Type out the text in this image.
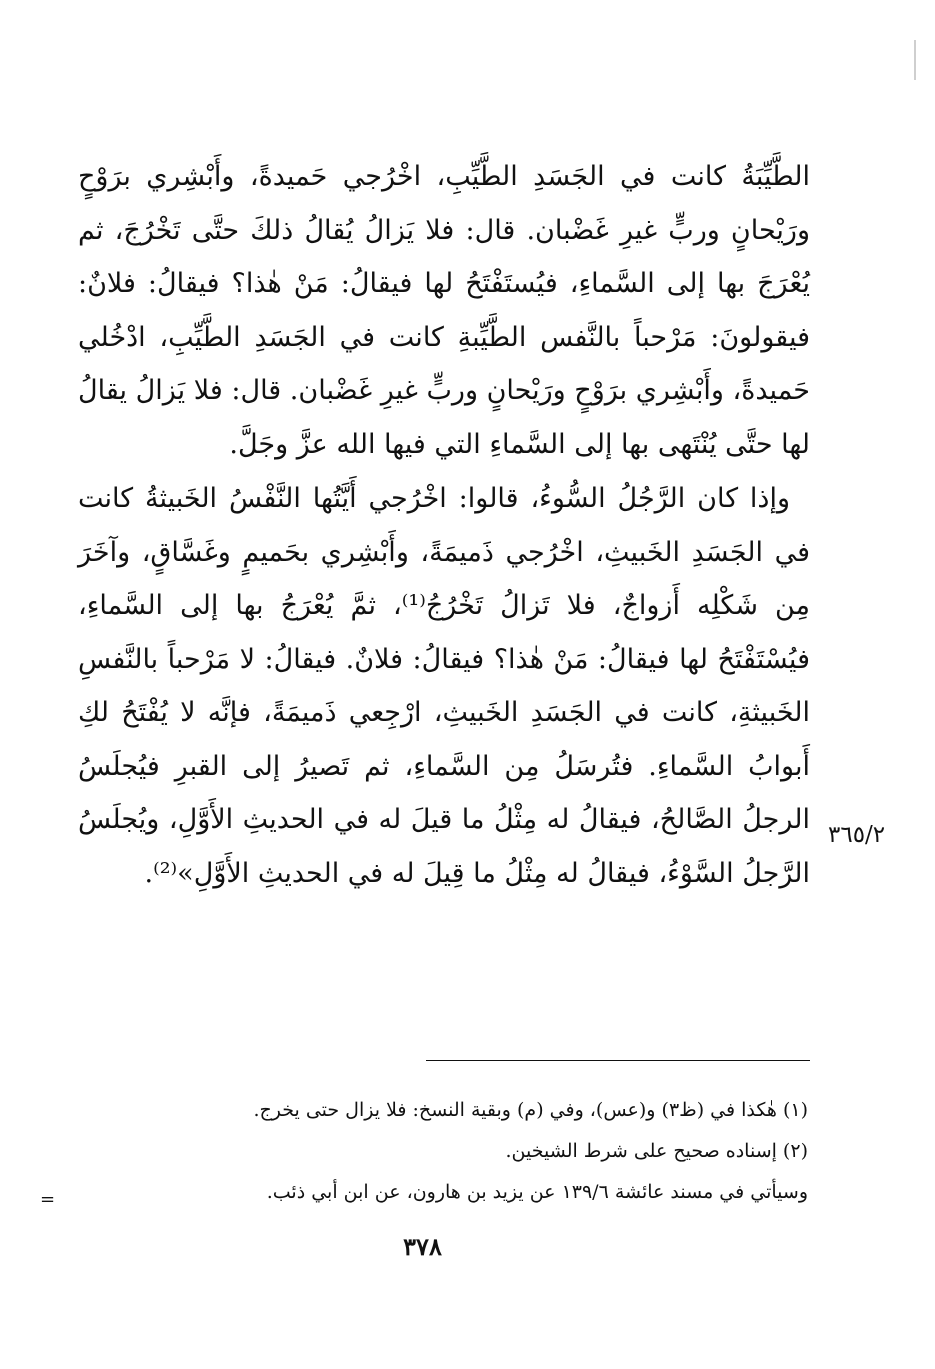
الطَّيِّبَةُ كانت في الجَسَدِ الطَّيِّبِ، اخْرُجي حَميدةً، وأَبْشِري برَوْحٍ ورَيْحانٍ وربٍّ غيرِ غَضْبان. قال: فلا يَزالُ يُقالُ ذلكَ حتَّى تَخْرُجَ، ثم يُعْرَجَ بها إلى السَّماءِ، فيُستَفْتَحُ لها فيقالُ: مَنْ هٰذا؟ فيقالُ: فلانٌ: فيقولونَ: مَرْحباً بالنَّفس الطَّيِّبةِ كانت في الجَسَدِ الطَّيِّبِ، ادْخُلي حَميدةً، وأَبْشِري برَوْحٍ ورَيْحانٍ وربٍّ غيرِ غَضْبان. قال: فلا يَزالُ يقالُ لها حتَّى يُنْتَهى بها إلى السَّماءِ التي فيها الله عزَّ وجَلَّ.

وإذا كان الرَّجُلُ السُّوءُ، قالوا: اخْرُجي أَيَّتُها النَّفْسُ الخَبيثةُ كانت في الجَسَدِ الخَبيثِ، اخْرُجي ذَميمَةً، وأَبْشِري بحَميمٍ وغَسَّاقٍ، وآخَرَ مِن شَكْلِه أَزواجٌ، فلا تَزالُ تَخْرُجُ⁽¹⁾، ثمَّ يُعْرَجُ بها إلى السَّماءِ، فيُسْتَفْتَحُ لها فيقالُ: مَنْ هٰذا؟ فيقالُ: فلانٌ. فيقالُ: لا مَرْحباً بالنَّفسِ الخَبيثةِ، كانت في الجَسَدِ الخَبيثِ، ارْجِعي ذَميمَةً، فإنَّه لا يُفْتَحُ لكِ أَبوابُ السَّماءِ. فتُرسَلُ مِن السَّماءِ، ثم تَصيرُ إلى القبرِ فيُجلَسُ الرجلُ الصَّالحُ، فيقالُ له مِثْلُ ما قيلَ له في الحديثِ الأَوَّلِ، ويُجلَسُ الرَّجلُ السَّوْءُ، فيقالُ له مِثْلُ ما قِيلَ له في الحديثِ الأَوَّلِ»⁽²⁾.

٣٦٥/٢

(١) هٰكذا في (ظ٣) و(عس)، وفي (م) وبقية النسخ: فلا يزال حتى يخرج.

(٢) إسناده صحيح على شرط الشيخين.

وسيأتي في مسند عائشة ١٣٩/٦ عن يزيد بن هارون، عن ابن أبي ذئب.

=
٣٧٨
